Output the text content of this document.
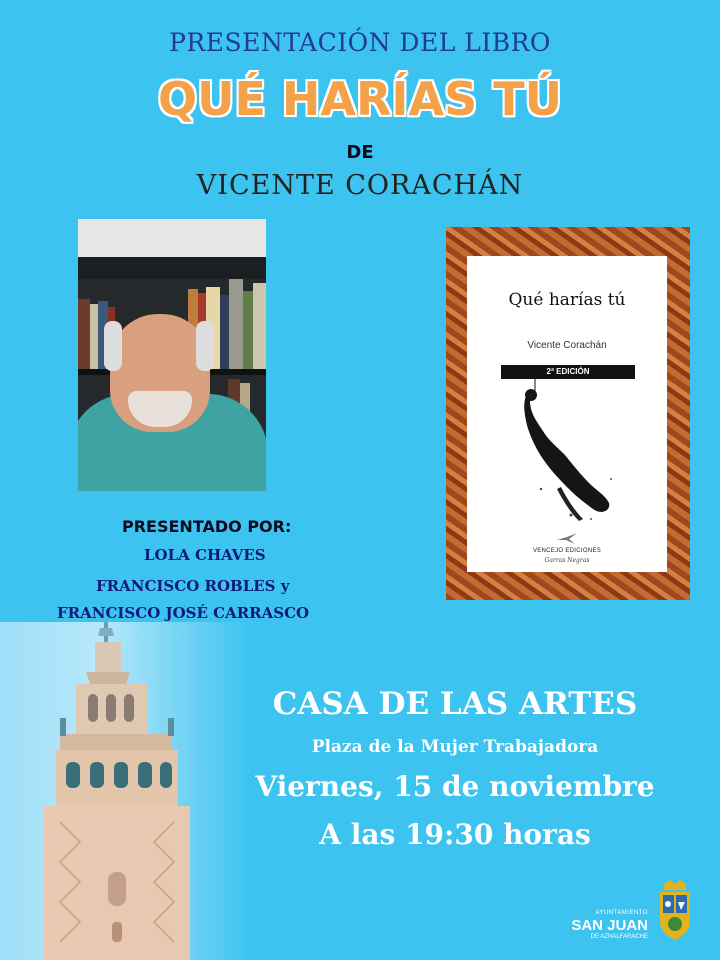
PRESENTACIÓN DEL LIBRO
QUÉ HARÍAS TÚ
DE
VICENTE CORACHÁN
Qué harías tú
Vicente Corachán
2ª EDICIÓN
VENCEJO EDICIONES
Garras Negras
PRESENTADO POR:
LOLA CHAVES
FRANCISCO ROBLES y
FRANCISCO JOSÉ CARRASCO
CASA DE LAS ARTES
Plaza de la Mujer Trabajadora
Viernes, 15 de noviembre
A las 19:30 horas
AYUNTAMIENTO
SAN JUAN
DE AZNALFARACHE
